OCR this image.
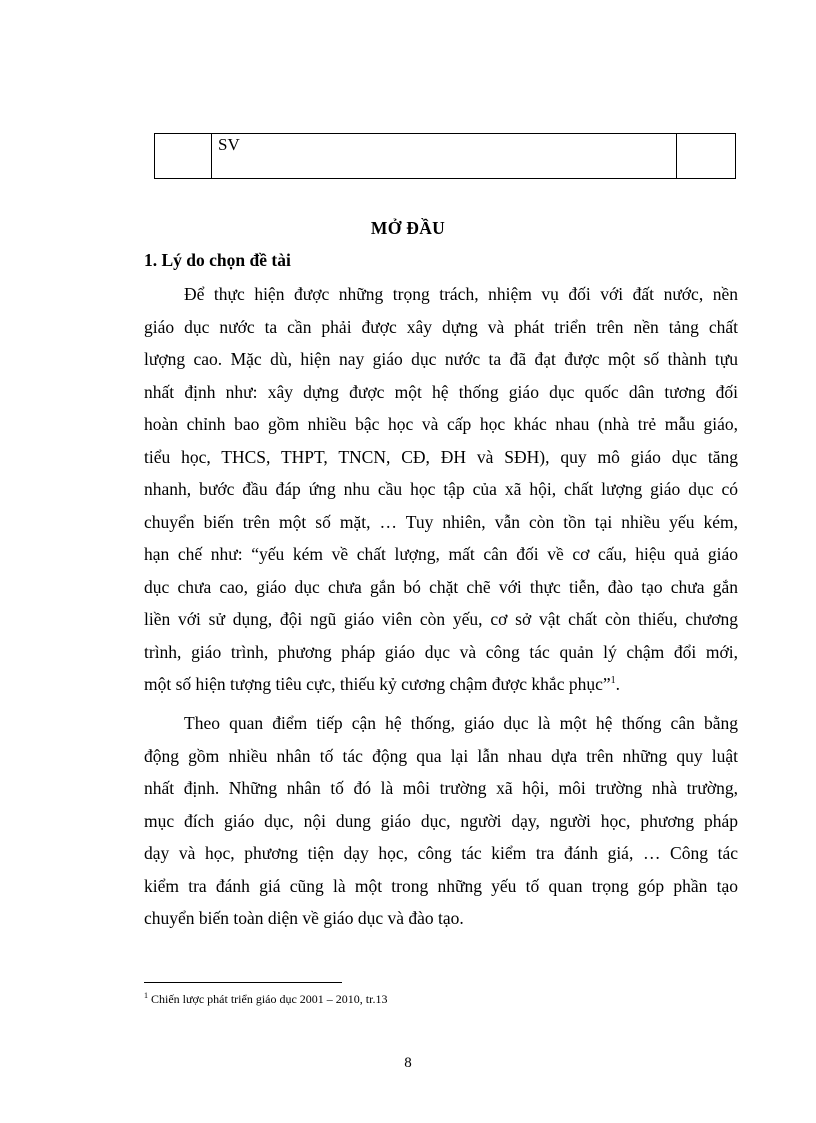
	SV	
MỞ ĐẦU
1. Lý do chọn đề tài
Để thực hiện được những trọng trách, nhiệm vụ đối với đất nước, nền
giáo dục nước ta cần phải được xây dựng và phát triển trên nền tảng chất
lượng cao. Mặc dù, hiện nay giáo dục nước ta đã đạt được một số thành tựu
nhất định như: xây dựng được một hệ thống giáo dục quốc dân tương đối
hoàn chỉnh bao gồm nhiều bậc học và cấp học khác nhau (nhà trẻ mẫu giáo,
tiểu học, THCS, THPT, TNCN, CĐ, ĐH và SĐH), quy mô giáo dục tăng
nhanh, bước đầu đáp ứng nhu cầu học tập của xã hội, chất lượng giáo dục có
chuyển biến trên một số mặt, … Tuy nhiên, vẫn còn tồn tại nhiều yếu kém,
hạn chế như: “yếu kém về chất lượng, mất cân đối về cơ cấu, hiệu quả giáo
dục chưa cao, giáo dục chưa gắn bó chặt chẽ với thực tiễn, đào tạo chưa gắn
liền với sử dụng, đội ngũ giáo viên còn yếu, cơ sở vật chất còn thiếu, chương
trình, giáo trình, phương pháp giáo dục và công tác quản lý chậm đổi mới,
một số hiện tượng tiêu cực, thiếu kỷ cương chậm được khắc phục”$^1$.
Theo quan điểm tiếp cận hệ thống, giáo dục là một hệ thống cân bằng
động gồm nhiều nhân tố tác động qua lại lẫn nhau dựa trên những quy luật
nhất định. Những nhân tố đó là môi trường xã hội, môi trường nhà trường,
mục đích giáo dục, nội dung giáo dục, người dạy, người học, phương pháp
dạy và học, phương tiện dạy học, công tác kiểm tra đánh giá, … Công tác
kiểm tra đánh giá cũng là một trong những yếu tố quan trọng góp phần tạo
chuyển biến toàn diện về giáo dục và đào tạo.
$^1$ Chiến lược phát triển giáo dục 2001 – 2010, tr.13
8
